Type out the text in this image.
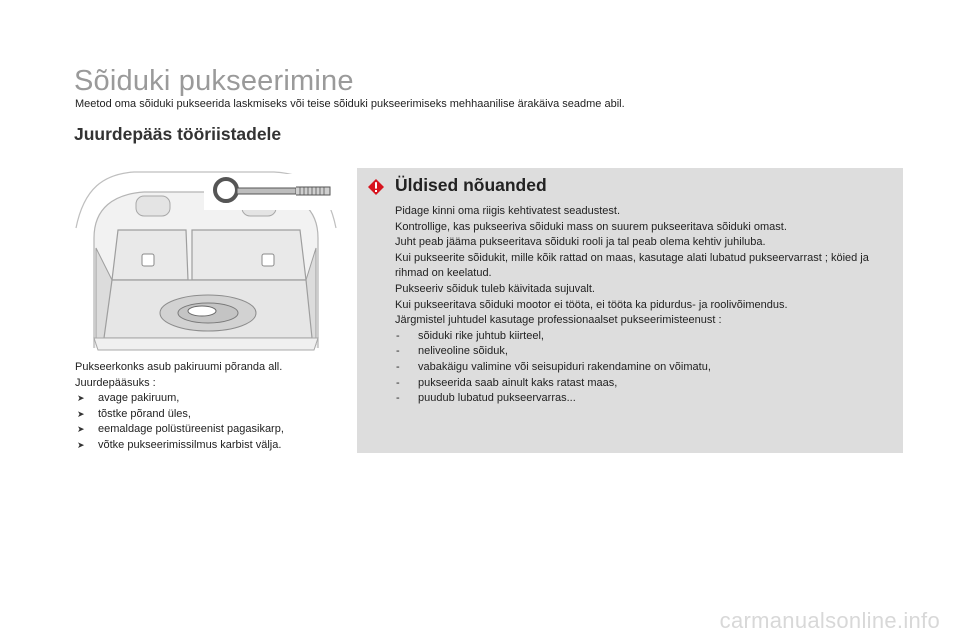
Sõiduki pukseerimine
Meetod oma sõiduki pukseerida laskmiseks või teise sõiduki pukseerimiseks mehhaanilise ärakäiva seadme abil.
Juurdepääs tööriistadele

Pukseerkonks asub pakiruumi põranda all.

Juurdepääsuks :

➤ avage pakiruum,
➤ tõstke põrand üles,
➤ eemaldage polüstüreenist pagasikarp,
➤ võtke pukseerimissilmus karbist välja.
Üldised nõuanded

Pidage kinni oma riigis kehtivatest seadustest.

Kontrollige, kas pukseeriva sõiduki mass on suurem pukseeritava sõiduki omast.

Juht peab jääma pukseeritava sõiduki rooli ja tal peab olema kehtiv juhiluba.

Kui pukseerite sõidukit, mille kõik rattad on maas, kasutage alati lubatud pukseervarrast ; köied ja rihmad on keelatud.

Pukseeriv sõiduk tuleb käivitada sujuvalt.

Kui pukseeritava sõiduki mootor ei tööta, ei tööta ka pidurdus- ja roolivõimendus.

Järgmistel juhtudel kasutage professionaalset pukseerimisteenust :

- sõiduki rike juhtub kiirteel,
- neliveoline sõiduk,
- vabakäigu valimine või seisupiduri rakendamine on võimatu,
- pukseerida saab ainult kaks ratast maas,
- puudub lubatud pukseervarras...
carmanualsonline.info
